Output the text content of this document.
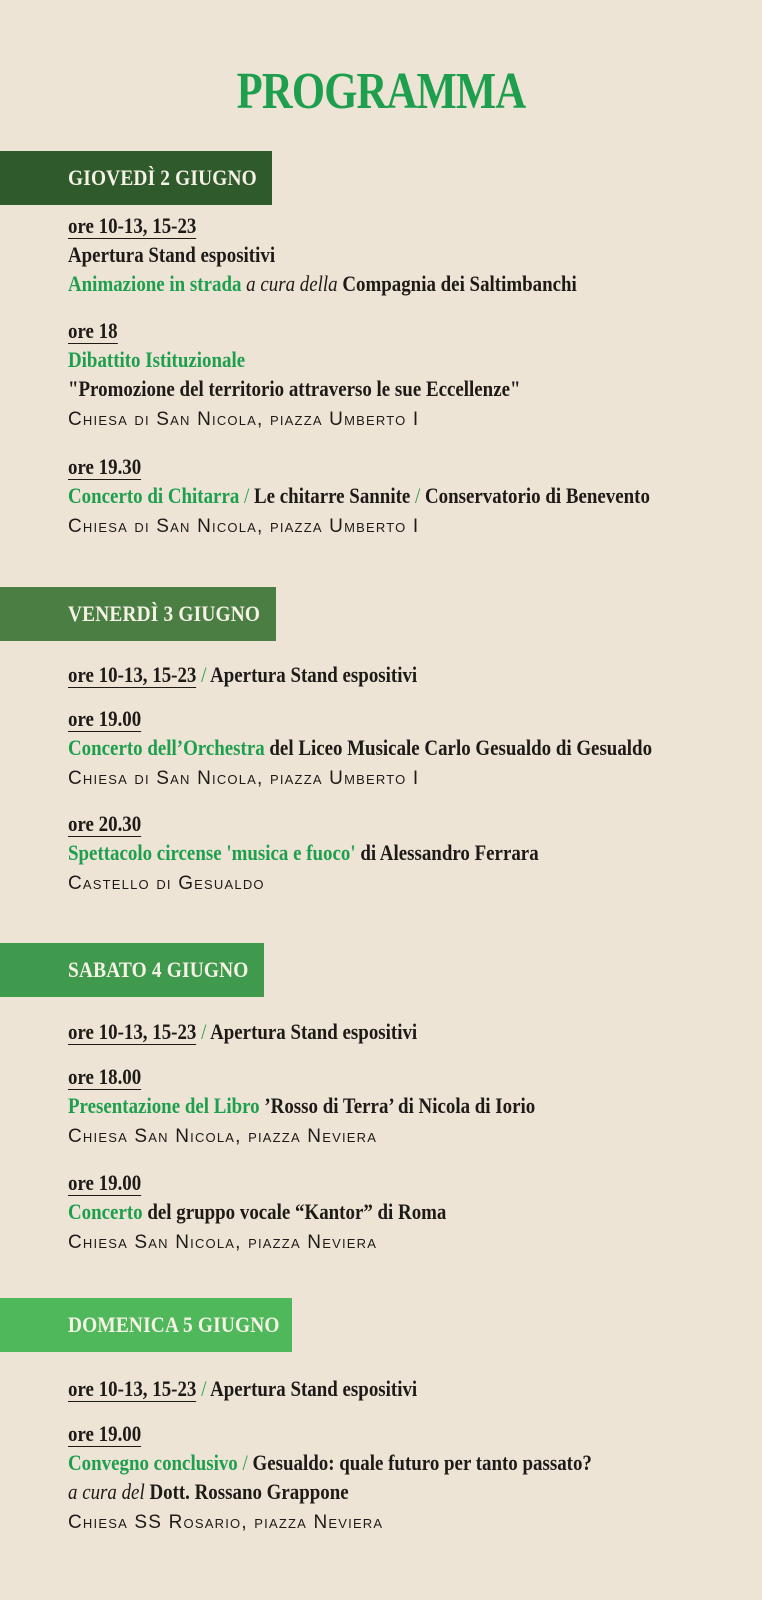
PROGRAMMA
GIOVEDÌ 2 GIUGNO
ore 10-13, 15-23
Apertura Stand espositivi
Animazione in strada a cura della Compagnia dei Saltimbanchi
ore 18
Dibattito Istituzionale
"Promozione del territorio attraverso le sue Eccellenze"
Chiesa di San Nicola, piazza Umberto I
ore 19.30
Concerto di Chitarra / Le chitarre Sannite / Conservatorio di Benevento
Chiesa di San Nicola, piazza Umberto I
VENERDÌ 3 GIUGNO
ore 10-13, 15-23 / Apertura Stand espositivi
ore 19.00
Concerto dell’Orchestra del Liceo Musicale Carlo Gesualdo di Gesualdo
Chiesa di San Nicola, piazza Umberto I
ore 20.30
Spettacolo circense 'musica e fuoco' di Alessandro Ferrara
Castello di Gesualdo
SABATO 4 GIUGNO
ore 10-13, 15-23 / Apertura Stand espositivi
ore 18.00
Presentazione del Libro ’Rosso di Terra’ di Nicola di Iorio
Chiesa San Nicola, piazza Neviera
ore 19.00
Concerto del gruppo vocale “Kantor” di Roma
Chiesa San Nicola, piazza Neviera
DOMENICA 5 GIUGNO
ore 10-13, 15-23 / Apertura Stand espositivi
ore 19.00
Convegno conclusivo / Gesualdo: quale futuro per tanto passato?
a cura del Dott. Rossano Grappone
Chiesa SS Rosario, piazza Neviera
